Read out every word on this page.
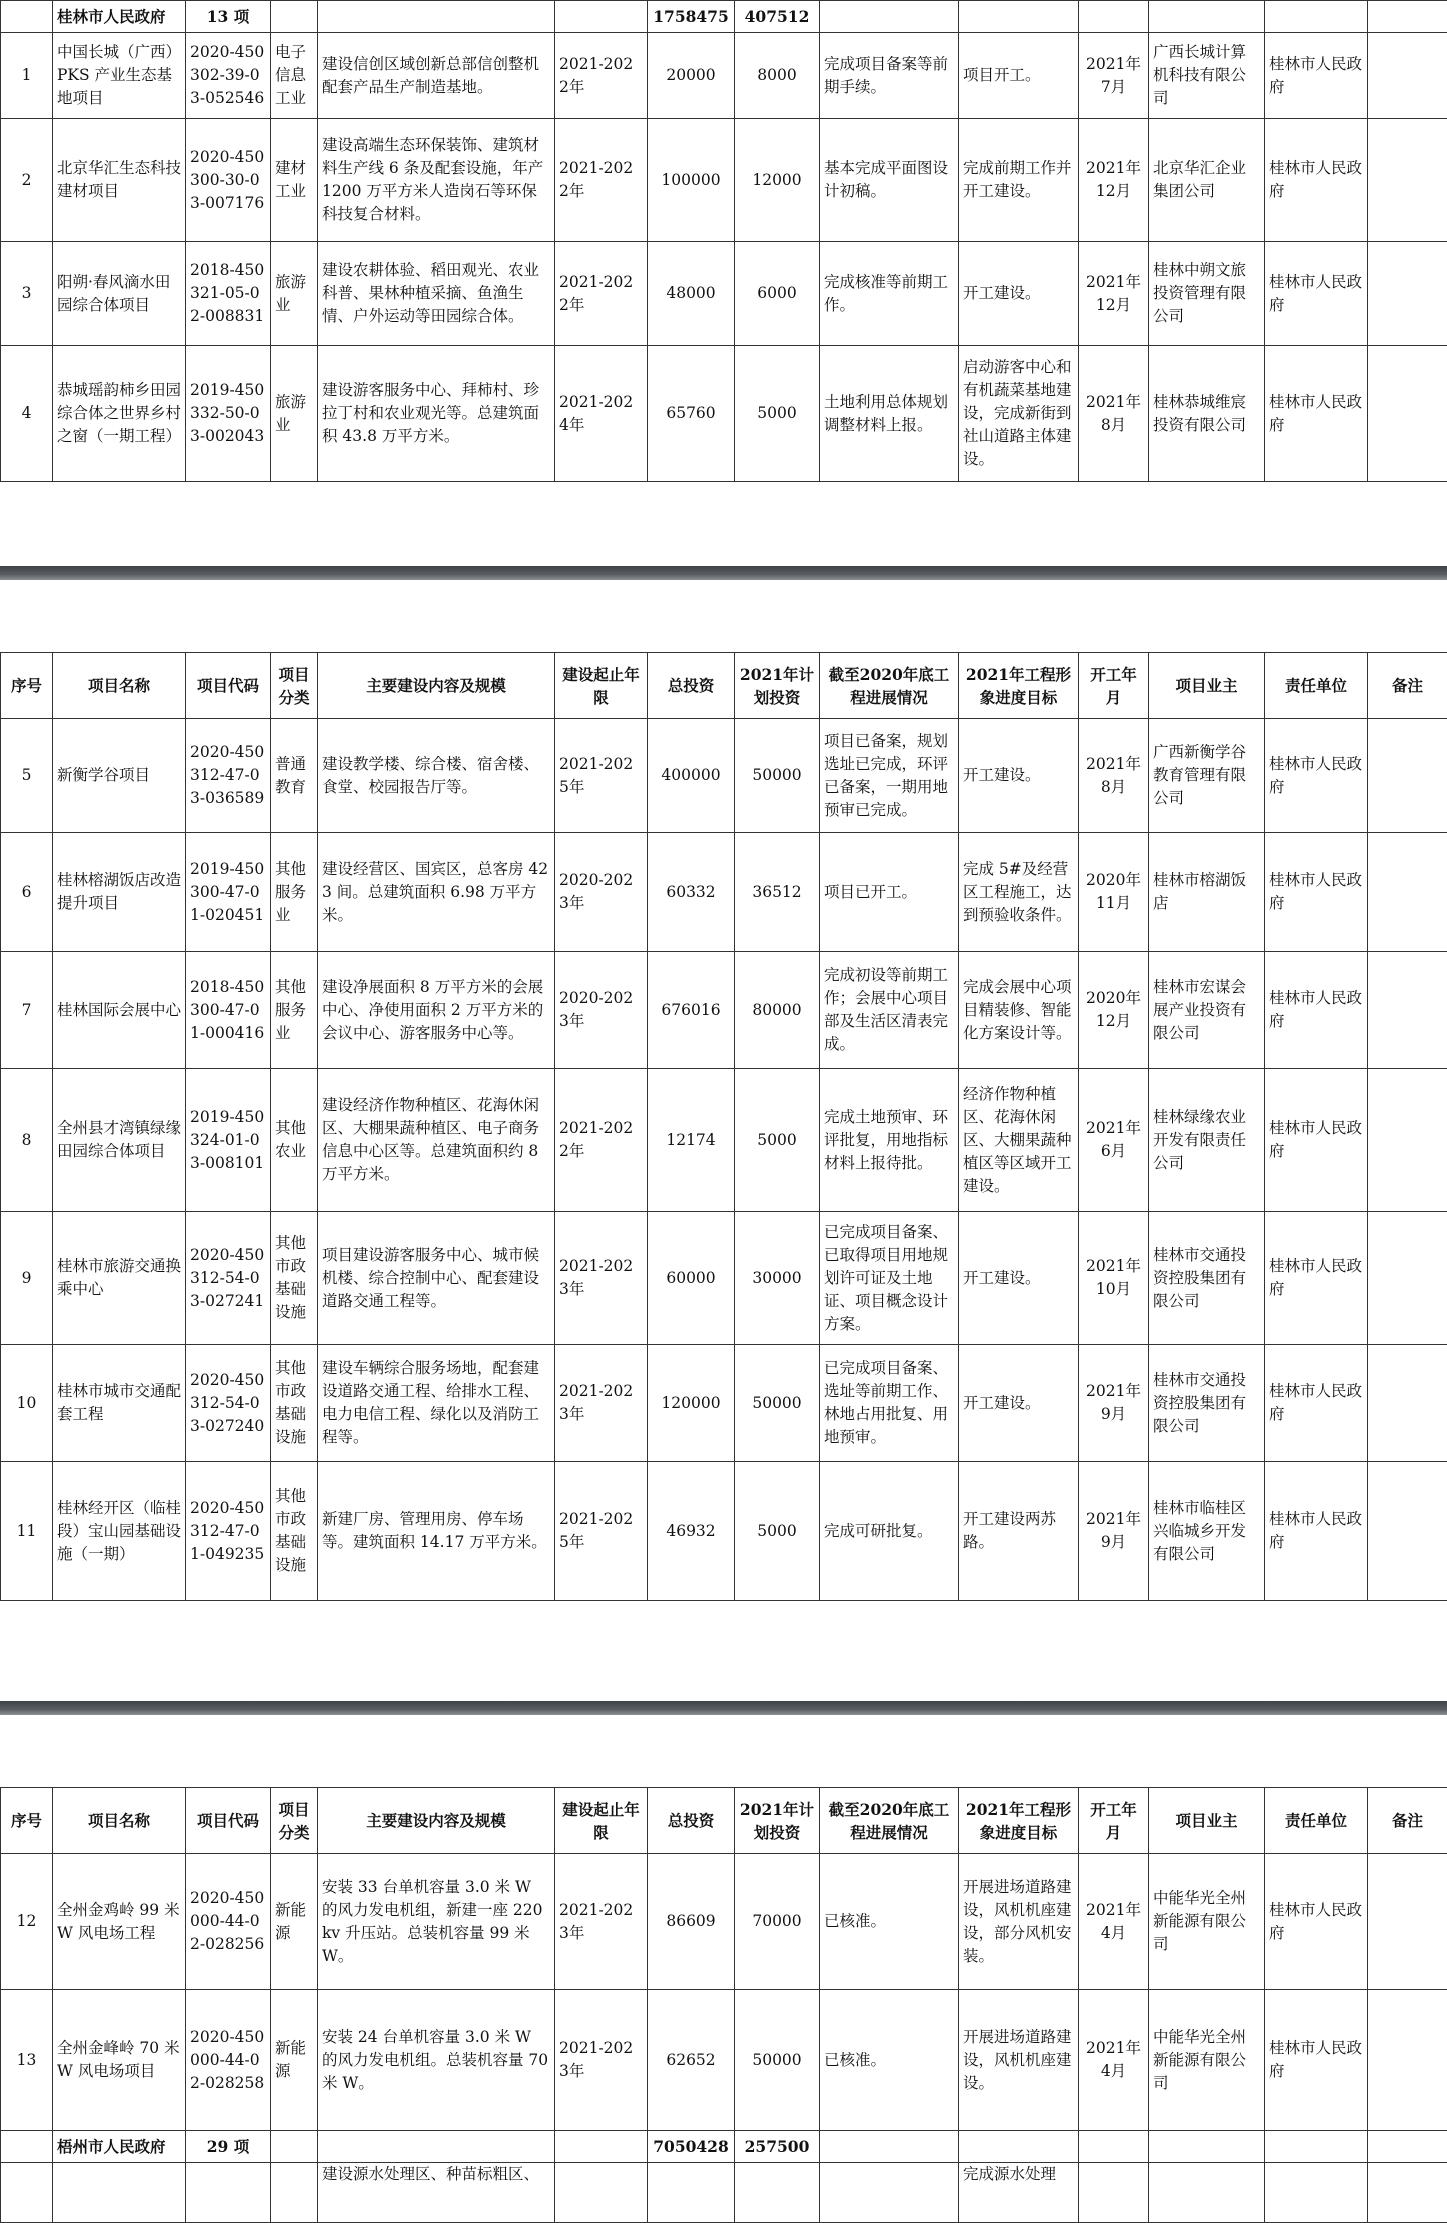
	桂林市人民政府	13 项				1758475	407512						
1	中国长城（广西）PKS 产业生态基地项目	2020-450302-39-03-052546	电子信息工业	建设信创区域创新总部信创整机配套产品生产制造基地。	2021-2022年	20000	8000	完成项目备案等前期手续。	项目开工。	2021年7月	广西长城计算机科技有限公司	桂林市人民政府	
2	北京华汇生态科技建材项目	2020-450300-30-03-007176	建材工业	建设高端生态环保装饰、建筑材料生产线 6 条及配套设施，年产 1200 万平方米人造岗石等环保科技复合材料。	2021-2022年	100000	12000	基本完成平面图设计初稿。	完成前期工作并开工建设。	2021年12月	北京华汇企业集团公司	桂林市人民政府	
3	阳朔·春风滴水田园综合体项目	2018-450321-05-02-008831	旅游业	建设农耕体验、稻田观光、农业科普、果林种植采摘、鱼渔生情、户外运动等田园综合体。	2021-2022年	48000	6000	完成核准等前期工作。	开工建设。	2021年12月	桂林中朔文旅投资管理有限公司	桂林市人民政府	
4	恭城瑶韵柿乡田园综合体之世界乡村之窗（一期工程）	2019-450332-50-03-002043	旅游业	建设游客服务中心、拜柿村、珍拉丁村和农业观光等。总建筑面积 43.8 万平方米。	2021-2024年	65760	5000	土地利用总体规划调整材料上报。	启动游客中心和有机蔬菜基地建设，完成新街到社山道路主体建设。	2021年8月	桂林恭城维宸投资有限公司	桂林市人民政府	
序号	项目名称	项目代码	项目分类	主要建设内容及规模	建设起止年限	总投资	2021年计划投资	截至2020年底工程进展情况	2021年工程形象进度目标	开工年月	项目业主	责任单位	备注
5	新衡学谷项目	2020-450312-47-03-036589	普通教育	建设教学楼、综合楼、宿舍楼、食堂、校园报告厅等。	2021-2025年	400000	50000	项目已备案，规划选址已完成，环评已备案，一期用地预审已完成。	开工建设。	2021年8月	广西新衡学谷教育管理有限公司	桂林市人民政府	
6	桂林榕湖饭店改造提升项目	2019-450300-47-01-020451	其他服务业	建设经营区、国宾区，总客房 423 间。总建筑面积 6.98 万平方米。	2020-2023年	60332	36512	项目已开工。	完成 5#及经营区工程施工，达到预验收条件。	2020年11月	桂林市榕湖饭店	桂林市人民政府	
7	桂林国际会展中心	2018-450300-47-01-000416	其他服务业	建设净展面积 8 万平方米的会展中心、净使用面积 2 万平方米的会议中心、游客服务中心等。	2020-2023年	676016	80000	完成初设等前期工作；会展中心项目部及生活区清表完成。	完成会展中心项目精装修、智能化方案设计等。	2020年12月	桂林市宏谋会展产业投资有限公司	桂林市人民政府	
8	全州县才湾镇绿缘田园综合体项目	2019-450324-01-03-008101	其他农业	建设经济作物种植区、花海休闲区、大棚果蔬种植区、电子商务信息中心区等。总建筑面积约 8 万平方米。	2021-2022年	12174	5000	完成土地预审、环评批复，用地指标材料上报待批。	经济作物种植区、花海休闲区、大棚果蔬种植区等区域开工建设。	2021年6月	桂林绿缘农业开发有限责任公司	桂林市人民政府	
9	桂林市旅游交通换乘中心	2020-450312-54-03-027241	其他市政基础设施	项目建设游客服务中心、城市候机楼、综合控制中心、配套建设道路交通工程等。	2021-2023年	60000	30000	已完成项目备案、已取得项目用地规划许可证及土地证、项目概念设计方案。	开工建设。	2021年10月	桂林市交通投资控股集团有限公司	桂林市人民政府	
10	桂林市城市交通配套工程	2020-450312-54-03-027240	其他市政基础设施	建设车辆综合服务场地，配套建设道路交通工程、给排水工程、电力电信工程、绿化以及消防工程等。	2021-2023年	120000	50000	已完成项目备案、选址等前期工作、林地占用批复、用地预审。	开工建设。	2021年9月	桂林市交通投资控股集团有限公司	桂林市人民政府	
11	桂林经开区（临桂段）宝山园基础设施（一期）	2020-450312-47-01-049235	其他市政基础设施	新建厂房、管理用房、停车场等。建筑面积 14.17 万平方米。	2021-2025年	46932	5000	完成可研批复。	开工建设两苏路。	2021年9月	桂林市临桂区兴临城乡开发有限公司	桂林市人民政府	
序号	项目名称	项目代码	项目分类	主要建设内容及规模	建设起止年限	总投资	2021年计划投资	截至2020年底工程进展情况	2021年工程形象进度目标	开工年月	项目业主	责任单位	备注
12	全州金鸡岭 99 米 W 风电场工程	2020-450000-44-02-028256	新能源	安装 33 台单机容量 3.0 米 W 的风力发电机组，新建一座 220kv 升压站。总装机容量 99 米 W。	2021-2023年	86609	70000	已核准。	开展进场道路建设，风机机座建设，部分风机安装。	2021年4月	中能华光全州新能源有限公司	桂林市人民政府	
13	全州金峰岭 70 米 W 风电场项目	2020-450000-44-02-028258	新能源	安装 24 台单机容量 3.0 米 W 的风力发电机组。总装机容量 70 米 W。	2021-2023年	62652	50000	已核准。	开展进场道路建设，风机机座建设。	2021年4月	中能华光全州新能源有限公司	桂林市人民政府	
	梧州市人民政府	29 项				7050428	257500						
				建设源水处理区、种苗标粗区、					完成源水处理				
